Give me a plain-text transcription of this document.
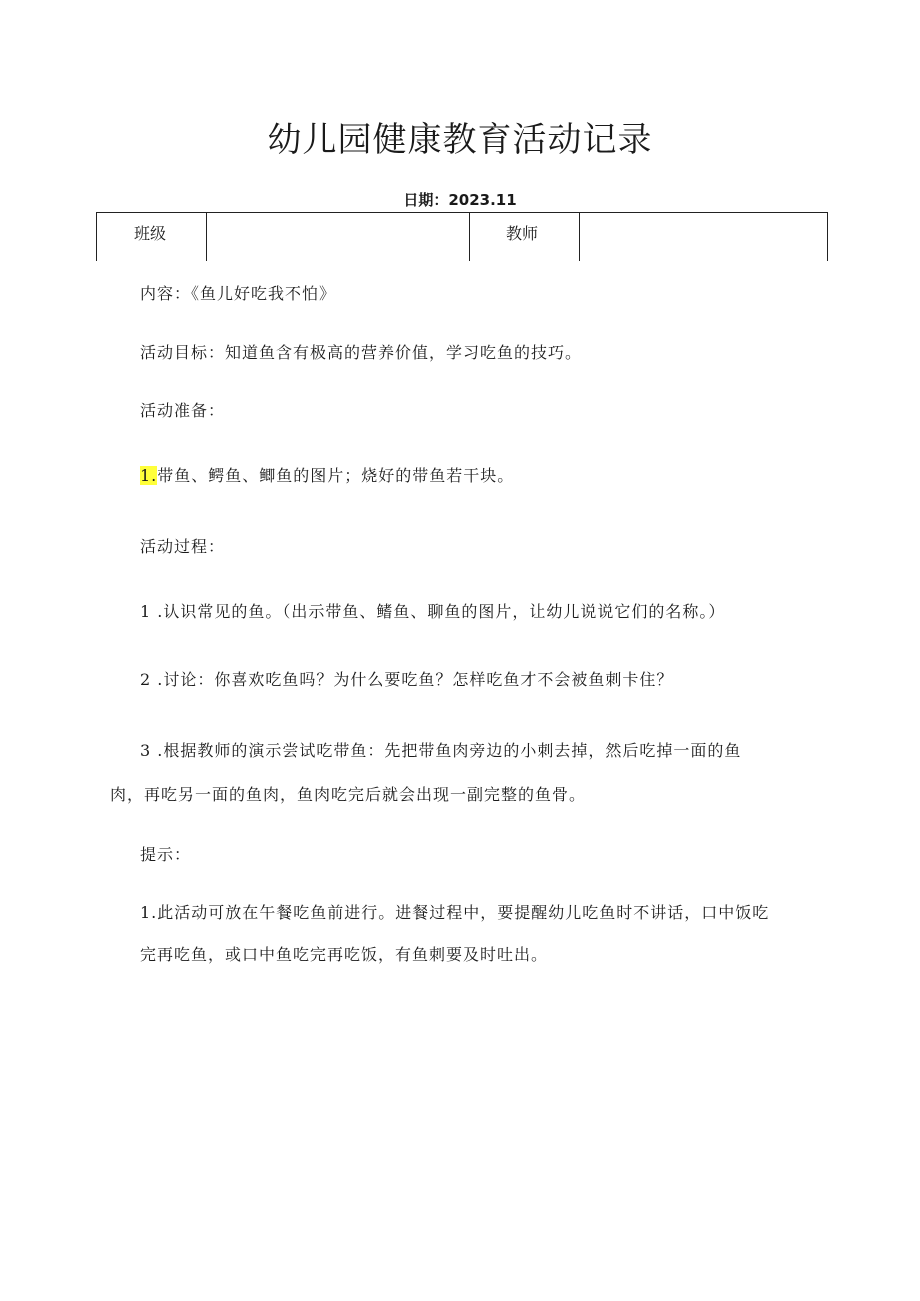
幼儿园健康教育活动记录
日期：2023.11
班级	教师

内容：《鱼儿好吃我不怕》

活动目标：知道鱼含有极高的营养价值，学习吃鱼的技巧。

活动准备：

1.带鱼、鳄鱼、鲫鱼的图片；烧好的带鱼若干块。

活动过程：

1 .认识常见的鱼。（出示带鱼、鳍鱼、聊鱼的图片，让幼儿说说它们的名称。）

2 .讨论：你喜欢吃鱼吗？为什么要吃鱼？怎样吃鱼才不会被鱼刺卡住？

3 .根据教师的演示尝试吃带鱼：先把带鱼肉旁边的小刺去掉，然后吃掉一面的鱼

肉，再吃另一面的鱼肉，鱼肉吃完后就会出现一副完整的鱼骨。

提示：

1.此活动可放在午餐吃鱼前进行。进餐过程中，要提醒幼儿吃鱼时不讲话，口中饭吃

完再吃鱼，或口中鱼吃完再吃饭，有鱼刺要及时吐出。
